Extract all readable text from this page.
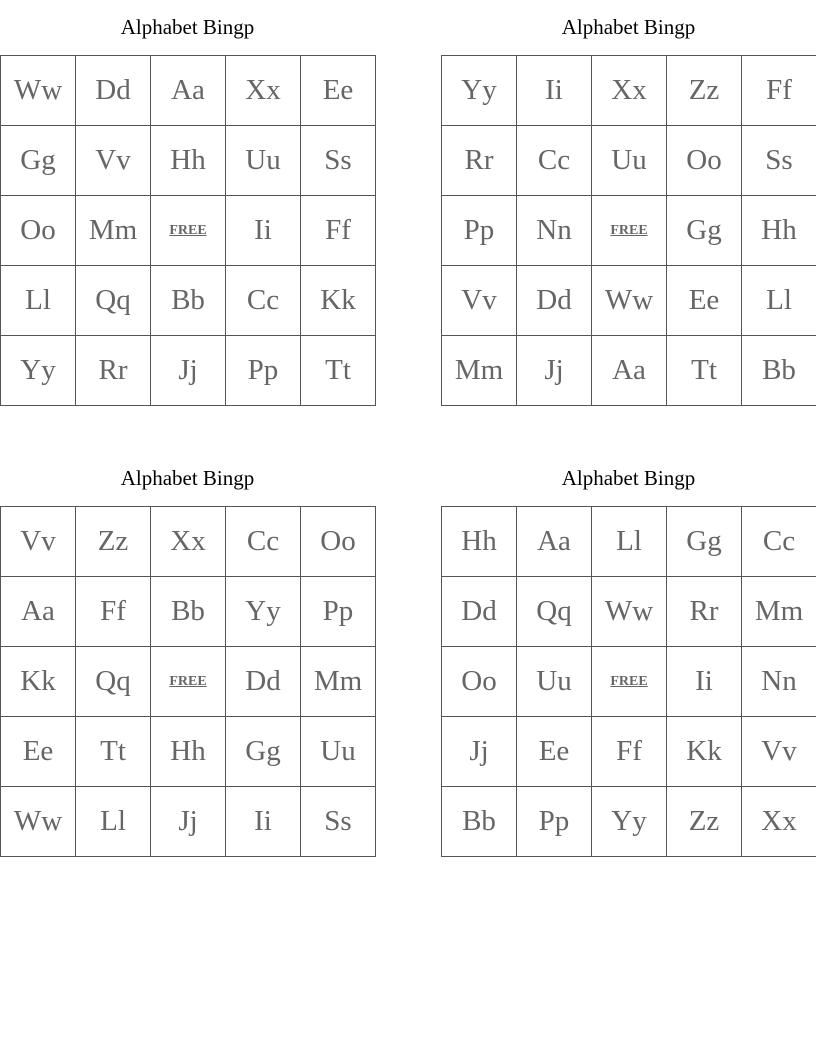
Alphabet Bingp
Ww	Dd	Aa	Xx	Ee
Gg	Vv	Hh	Uu	Ss
Oo	Mm	FREE	Ii	Ff
Ll	Qq	Bb	Cc	Kk
Yy	Rr	Jj	Pp	Tt
Alphabet Bingp
Yy	Ii	Xx	Zz	Ff
Rr	Cc	Uu	Oo	Ss
Pp	Nn	FREE	Gg	Hh
Vv	Dd	Ww	Ee	Ll
Mm	Jj	Aa	Tt	Bb
Alphabet Bingp
Vv	Zz	Xx	Cc	Oo
Aa	Ff	Bb	Yy	Pp
Kk	Qq	FREE	Dd	Mm
Ee	Tt	Hh	Gg	Uu
Ww	Ll	Jj	Ii	Ss
Alphabet Bingp
Hh	Aa	Ll	Gg	Cc
Dd	Qq	Ww	Rr	Mm
Oo	Uu	FREE	Ii	Nn
Jj	Ee	Ff	Kk	Vv
Bb	Pp	Yy	Zz	Xx
